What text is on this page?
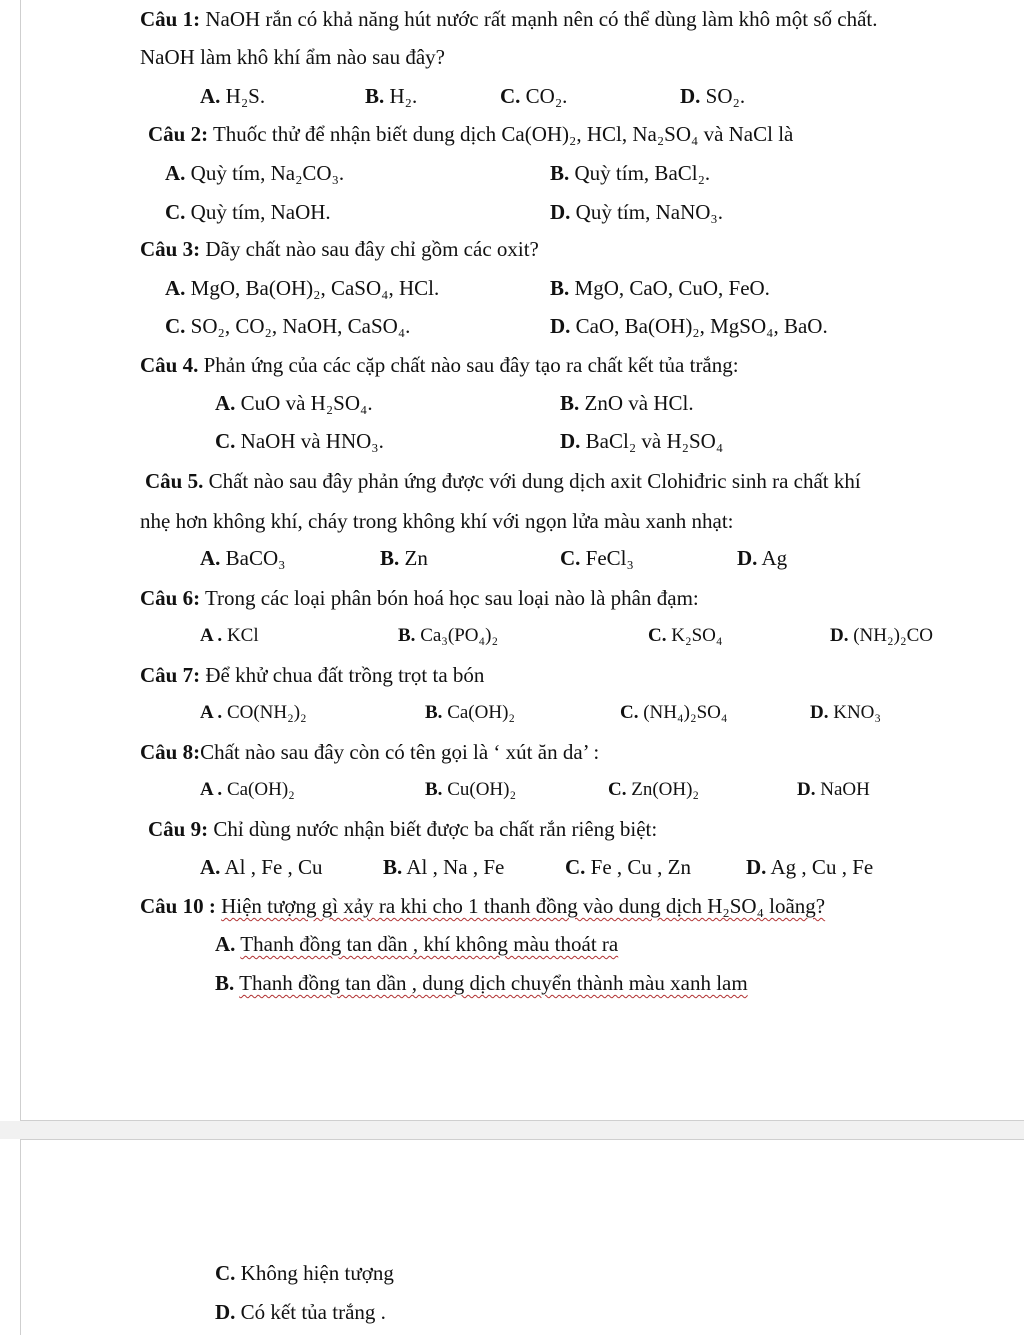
Câu 1: NaOH rắn có khả năng hút nước rất mạnh nên có thể dùng làm khô một số chất.
NaOH làm khô khí ẩm nào sau đây?
A. H₂S.	B. H₂.	C. CO₂.	D. SO₂.
Câu 2: Thuốc thử để nhận biết dung dịch Ca(OH)₂, HCl, Na₂SO₄ và NaCl là
A. Quỳ tím, Na₂CO₃.	B. Quỳ tím, BaCl₂.
C. Quỳ tím, NaOH.	D. Quỳ tím, NaNO₃.
Câu 3: Dãy chất nào sau đây chỉ gồm các oxit?
A. MgO, Ba(OH)₂, CaSO₄, HCl.	B. MgO, CaO, CuO, FeO.
C. SO₂, CO₂, NaOH, CaSO₄.	D. CaO, Ba(OH)₂, MgSO₄, BaO.
Câu 4. Phản ứng của các cặp chất nào sau đây tạo ra chất kết tủa trắng:
A. CuO và H₂SO₄.	B. ZnO và HCl.
C. NaOH và HNO₃.	D. BaCl₂ và H₂SO₄
Câu 5. Chất nào sau đây phản ứng được với dung dịch axit Clohiđric sinh ra chất khí
nhẹ hơn không khí, cháy trong không khí với ngọn lửa màu xanh nhạt:
A. BaCO₃	B. Zn	C. FeCl₃	D. Ag
Câu 6: Trong các loại phân bón hoá học sau loại nào là phân đạm:
A . KCl	B. Ca₃(PO₄)₂	C. K₂SO₄	D. (NH₂)₂CO
Câu 7: Để khử chua đất trồng trọt ta bón
A . CO(NH₂)₂	B. Ca(OH)₂	C. (NH₄)₂SO₄	D. KNO₃
Câu 8:Chất nào sau đây còn có tên gọi là ‘ xút ăn da’ :
A . Ca(OH)₂	B. Cu(OH)₂	C. Zn(OH)₂	D. NaOH
Câu 9: Chỉ dùng nước nhận biết được ba chất rắn riêng biệt:
A. Al , Fe , Cu	B. Al , Na , Fe	C. Fe , Cu , Zn	D. Ag , Cu , Fe
Câu 10 : Hiện tượng gì xảy ra khi cho 1 thanh đồng vào dung dịch H₂SO₄ loãng?
A. Thanh đồng tan dần , khí không màu thoát ra
B. Thanh đồng tan dần , dung dịch chuyển thành màu xanh lam
C. Không hiện tượng
D. Có kết tủa trắng .
